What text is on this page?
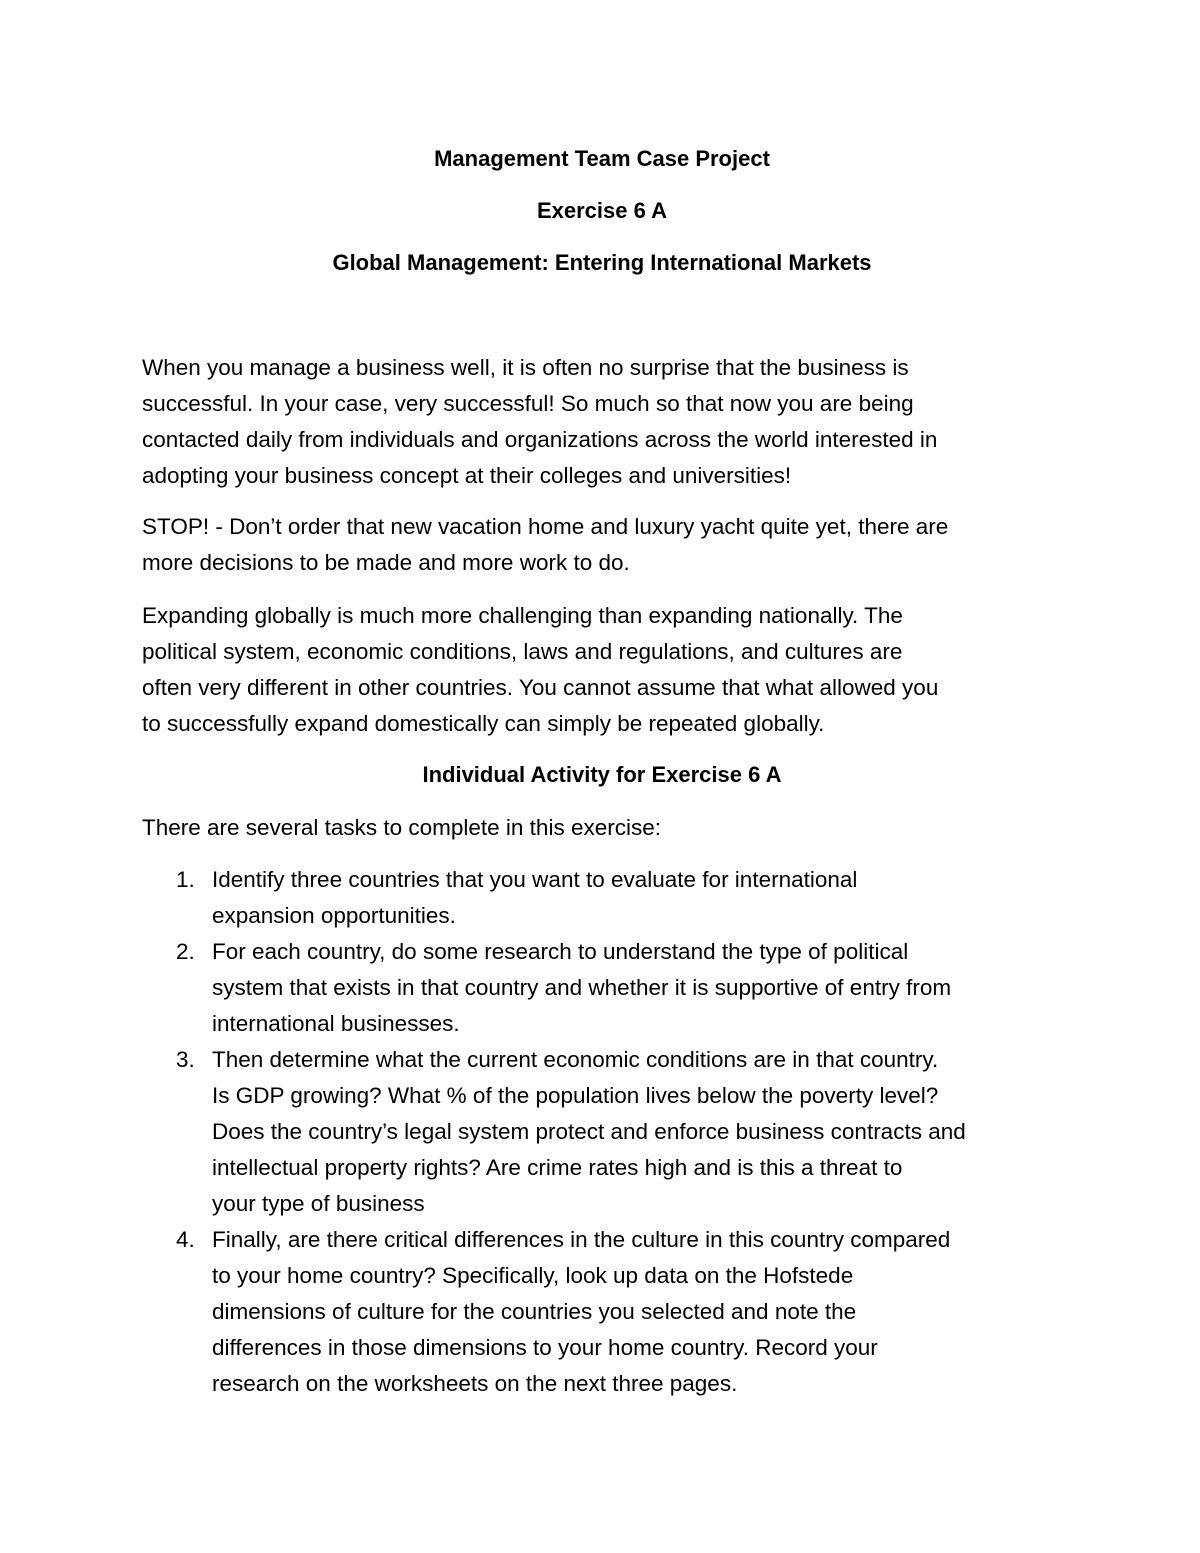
Management Team Case Project
Exercise 6 A
Global Management: Entering International Markets

When you manage a business well, it is often no surprise that the business is
successful. In your case, very successful! So much so that now you are being
contacted daily from individuals and organizations across the world interested in
adopting your business concept at their colleges and universities!

STOP! - Don’t order that new vacation home and luxury yacht quite yet, there are
more decisions to be made and more work to do.

Expanding globally is much more challenging than expanding nationally. The
political system, economic conditions, laws and regulations, and cultures are
often very different in other countries. You cannot assume that what allowed you
to successfully expand domestically can simply be repeated globally.

Individual Activity for Exercise 6 A

There are several tasks to complete in this exercise:

1. Identify three countries that you want to evaluate for international
expansion opportunities.
2. For each country, do some research to understand the type of political
system that exists in that country and whether it is supportive of entry from
international businesses.
3. Then determine what the current economic conditions are in that country.
Is GDP growing? What % of the population lives below the poverty level?
Does the country’s legal system protect and enforce business contracts and
intellectual property rights? Are crime rates high and is this a threat to
your type of business
4. Finally, are there critical differences in the culture in this country compared
to your home country? Specifically, look up data on the Hofstede
dimensions of culture for the countries you selected and note the
differences in those dimensions to your home country. Record your
research on the worksheets on the next three pages.
